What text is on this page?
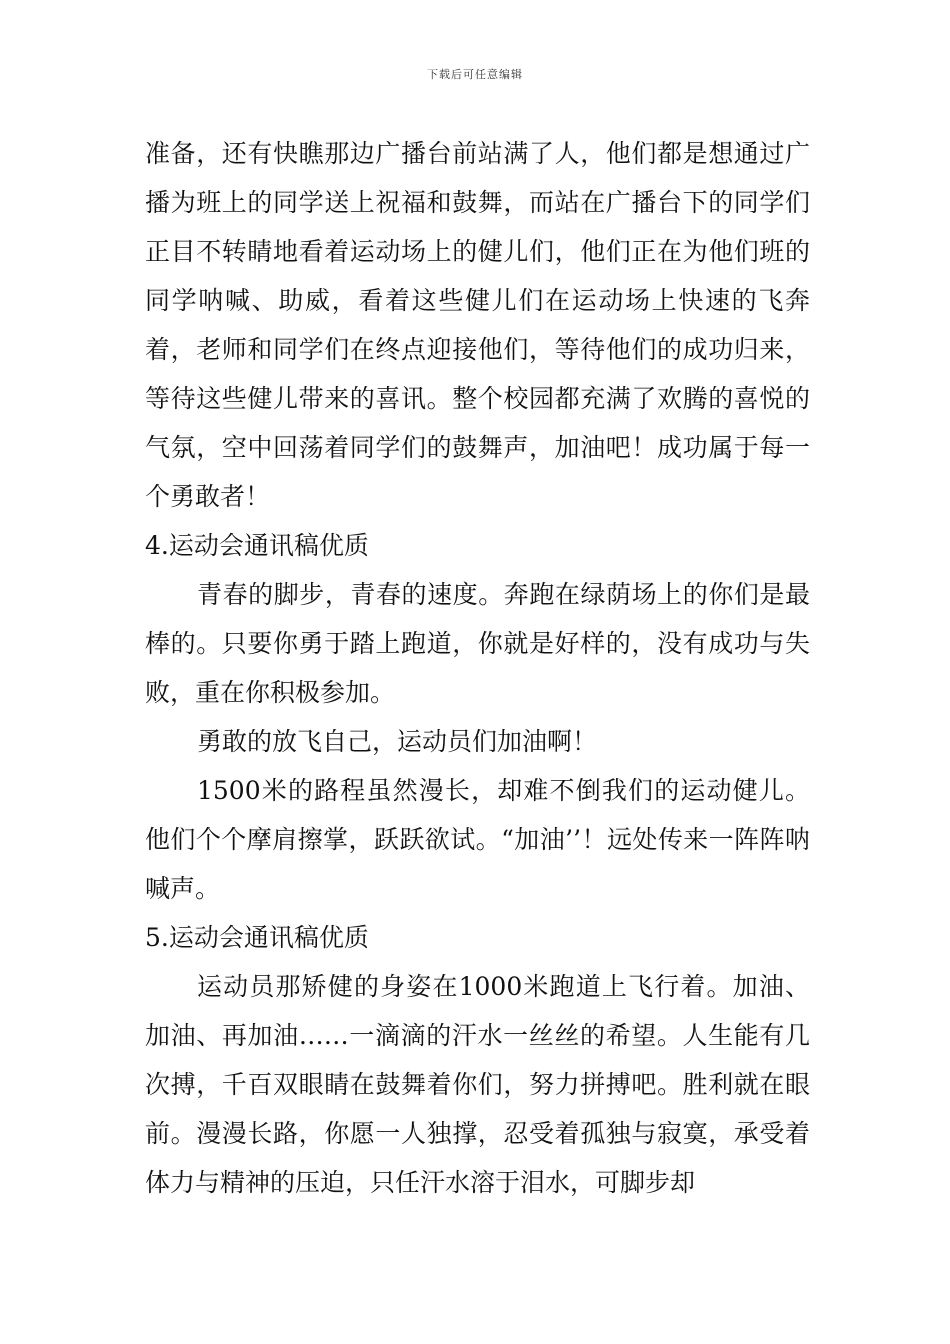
下载后可任意编辑

准备，还有快瞧那边广播台前站满了人，他们都是想通过广播为班上的同学送上祝福和鼓舞，而站在广播台下的同学们正目不转睛地看着运动场上的健儿们，他们正在为他们班的同学呐喊、助威，看着这些健儿们在运动场上快速的飞奔着，老师和同学们在终点迎接他们，等待他们的成功归来，等待这些健儿带来的喜讯。整个校园都充满了欢腾的喜悦的气氛，空中回荡着同学们的鼓舞声，加油吧！成功属于每一个勇敢者！

4.运动会通讯稿优质

青春的脚步，青春的速度。奔跑在绿荫场上的你们是最棒的。只要你勇于踏上跑道，你就是好样的，没有成功与失败，重在你积极参加。

勇敢的放飞自己，运动员们加油啊！

1500米的路程虽然漫长，却难不倒我们的运动健儿。他们个个摩肩擦掌，跃跃欲试。“加油’’！远处传来一阵阵呐喊声。

5.运动会通讯稿优质

运动员那矫健的身姿在1000米跑道上飞行着。加油、加油、再加油……一滴滴的汗水一丝丝的希望。人生能有几次搏，千百双眼睛在鼓舞着你们，努力拼搏吧。胜利就在眼前。漫漫长路，你愿一人独撑，忍受着孤独与寂寞，承受着体力与精神的压迫，只任汗水溶于泪水，可脚步却
